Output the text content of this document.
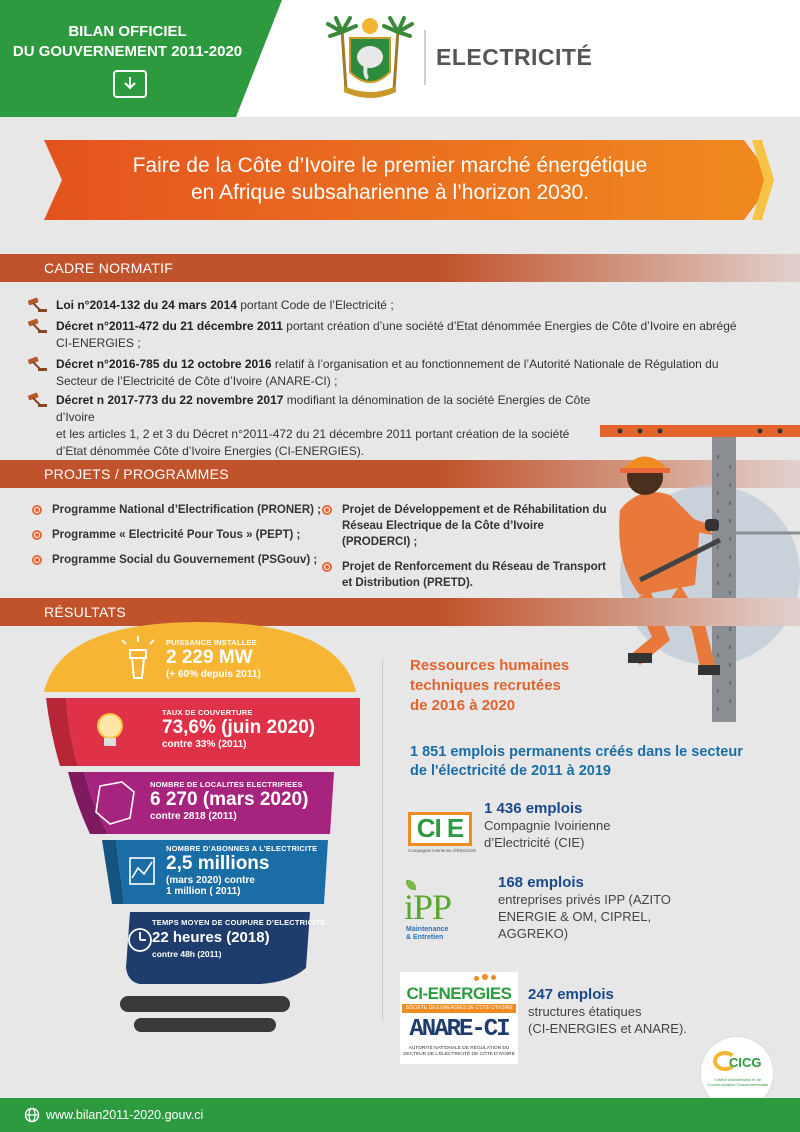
BILAN OFFICIEL
DU GOUVERNEMENT 2011-2020	ELECTRICITÉ
Faire de la Côte d’Ivoire le premier marché énergétique
en Afrique subsaharienne à l’horizon 2030.
CADRE NORMATIF
Loi n°2014-132 du 24 mars 2014 portant Code de l’Electricité ;
Décret n°2011-472 du 21 décembre 2011 portant création d’une société d’Etat dénommée Energies de Côte d’Ivoire en abrégé
CI-ENERGIES ;
Décret n°2016-785 du 12 octobre 2016 relatif à l’organisation et au fonctionnement de l’Autorité Nationale de Régulation du
Secteur de l’Electricité de Côte d’Ivoire (ANARE-CI) ;
Décret n 2017-773 du 22 novembre 2017 modifiant la dénomination de la société Energies de Côte d’Ivoire
et les articles 1, 2 et 3 du Décret n°2011-472 du 21 décembre 2011 portant création de la société
d’Etat dénommée Côte d’Ivoire Energies (CI-ENERGIES).
PROJETS / PROGRAMMES
Programme National d’Electrification (PRONER) ;
Programme « Electricité Pour Tous » (PEPT) ;
Programme Social du Gouvernement (PSGouv) ;
Projet de Développement et de Réhabilitation du
Réseau Electrique de la Côte d’Ivoire
(PRODERCI) ;
Projet de Renforcement du Réseau de Transport
et Distribution (PRETD).
RÉSULTATS
PUISSANCE INSTALLEE
2 229 MW
(+ 60% depuis 2011)
TAUX DE COUVERTURE
73,6% (juin 2020)
contre 33% (2011)
NOMBRE DE LOCALITES ELECTRIFIEES
6 270 (mars 2020)
contre 2818 (2011)
NOMBRE D’ABONNES A L’ELECTRICITE
2,5 millions
(mars 2020) contre
1 million ( 2011)
TEMPS MOYEN DE COUPURE D’ELECTRICITE
22 heures (2018)
contre 48h (2011)
Ressources humaines
techniques recrutées
de 2016 à 2020
1 851 emplois permanents créés dans le secteur
de l'électricité de 2011 à 2019
CI E
Compagnie Ivoirienne d’Electricité
1 436 emplois
Compagnie Ivoirienne
d’Electricité (CIE)
iPP
Maintenance
& Entretien
168 emplois
entreprises privés IPP (AZITO
ENERGIE & OM, CIPREL,
AGGREKO)
CI-ENERGIES
SOCIETE DES ENERGIES DE COTE D'IVOIRE
ANARE-CI
AUTORITÉ NATIONALE DE RÉGULATION DU
SECTEUR DE L'ÉLECTRICITÉ DE CÔTE D'IVOIRE
247 emplois
structures étatiques
(CI-ENERGIES et ANARE).
CICG
Centre d'Information et de
Communication Gouvernementale
www.bilan2011-2020.gouv.ci
